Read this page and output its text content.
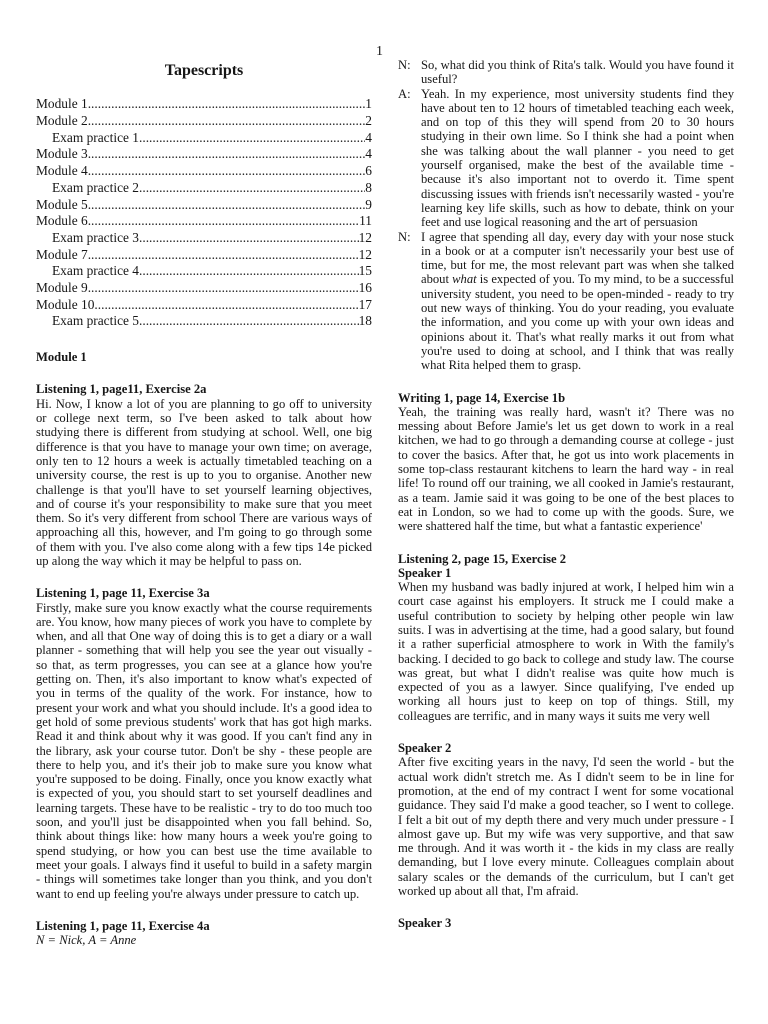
1
Tapescripts
Module 1 .....	1
Module 2 .....	2
Exam practice 1 .....	4
Module 3 .....	4
Module 4 .....	6
Exam practice 2 .....	8
Module 5 .....	9
Module 6 .....	11
Exam practice 3 .....	12
Module 7 .....	12
Exam practice 4 .....	15
Module 9 .....	16
Module 10 .....	17
Exam practice 5 .....	18
Module 1
Listening 1, page11, Exercise 2a

Hi. Now, I know a lot of you are planning to go off to university or college next term, so I've been asked to talk about how studying there is different from studying at school. Well, one big difference is that you have to manage your own time; on average, only ten to 12 hours a week is actually timetabled teaching on a university course, the rest is up to you to organise. Another new challenge is that you'll have to set yourself learning objectives, and of course it's your responsibility to make sure that you meet them. So it's very different from school There are various ways of approaching all this, however, and I'm going to go through some of them with you. I've also come along with a few tips 14e picked up along the way which it may be helpful to pass on.

Listening 1, page 11, Exercise 3a

Firstly, make sure you know exactly what the course requirements are. You know, how many pieces of work you have to complete by when, and all that One way of doing this is to get a diary or a wall planner - something that will help you see the year out visually - so that, as term progresses, you can see at a glance how you're getting on. Then, it's also important to know what's expected of you in terms of the quality of the work. For instance, how to present your work and what you should include. It's a good idea to get hold of some previous students' work that has got high marks. Read it and think about why it was good. If you can't find any in the library, ask your course tutor. Don't be shy - these people are there to help you, and it's their job to make sure you know what you're supposed to be doing. Finally, once you know exactly what is expected of you, you should start to set yourself deadlines and learning targets. These have to be realistic - try to do too much too soon, and you'll just be disappointed when you fall behind. So, think about things like: how many hours a week you're going to spend studying, or how you can best use the time available to meet your goals. I always find it useful to build in a safety margin - things will sometimes take longer than you think, and you don't want to end up feeling you're always under pressure to catch up.

Listening 1, page 11, Exercise 4a
N = Nick, A = Anne
N: So, what did you think of Rita's talk. Would you have found it useful?
A: Yeah. In my experience, most university students find they have about ten to 12 hours of timetabled teaching each week, and on top of this they will spend from 20 to 30 hours studying in their own lime. So I think she had a point when she was talking about the wall planner - you need to get yourself organised, make the best of the available time - because it's also important not to overdo it. Time spent discussing issues with friends isn't necessarily wasted - you're learning key life skills, such as how to debate, think on your feet and use logical reasoning and the art of persuasion
N: I agree that spending all day, every day with your nose stuck in a book or at a computer isn't necessarily your best use of time, but for me, the most relevant part was when she talked about what is expected of you. To my mind, to be a successful university student, you need to be open-minded - ready to try out new ways of thinking. You do your reading, you evaluate the information, and you come up with your own ideas and opinions about it. That's what really marks it out from what you're used to doing at school, and I think that was really what Rita helped them to grasp.
Writing 1, page 14, Exercise 1b

Yeah, the training was really hard, wasn't it? There was no messing about Before Jamie's let us get down to work in a real kitchen, we had to go through a demanding course at college - just to cover the basics. After that, he got us into work placements in some top-class restaurant kitchens to learn the hard way - in real life! To round off our training, we all cooked in Jamie's restaurant, as a team. Jamie said it was going to be one of the best places to eat in London, so we had to come up with the goods. Sure, we were shattered half the time, but what a fantastic experience'

Listening 2, page 15, Exercise 2
Speaker 1

When my husband was badly injured at work, I helped him win a court case against his employers. It struck me I could make a useful contribution to society by helping other people win law suits. I was in advertising at the time, had a good salary, but found it a rather superficial atmosphere to work in With the family's backing. I decided to go back to college and study law. The course was great, but what I didn't realise was quite how much is expected of you as a lawyer. Since qualifying, I've ended up working all hours just to keep on top of things. Still, my colleagues are terrific, and in many ways it suits me very well

Speaker 2

After five exciting years in the navy, I'd seen the world - but the actual work didn't stretch me. As I didn't seem to be in line for promotion, at the end of my contract I went for some vocational guidance. They said I'd make a good teacher, so I went to college. I felt a bit out of my depth there and very much under pressure - I almost gave up. But my wife was very supportive, and that saw me through. And it was worth it - the kids in my class are really demanding, but I love every minute. Colleagues complain about salary scales or the demands of the curriculum, but I can't get worked up about all that, I'm afraid.

Speaker 3
